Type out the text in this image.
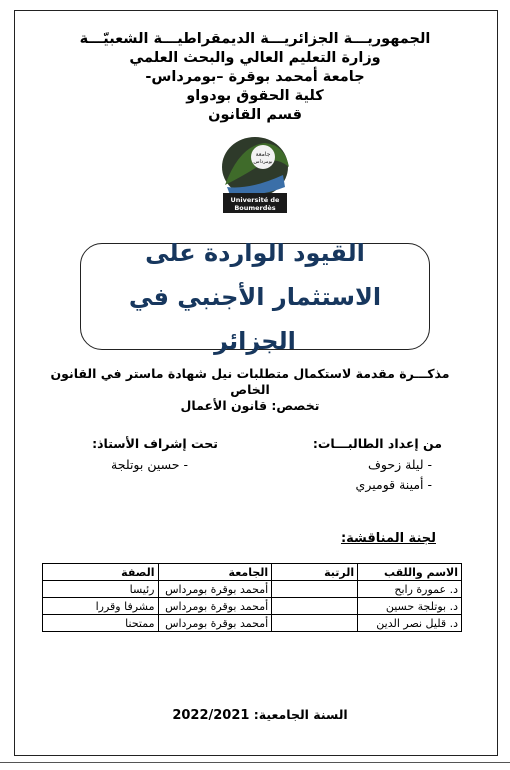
الجمهوريـــة الجزائريـــة الديمقراطيـــة الشعبيّـــة
وزارة التعليم العالي والبحث العلمي
جامعة أمحمد بوقرة –بومرداس-
كلية الحقوق بودواو
قسم القانون
جامعة
بومرداس
Université de
Boumerdès
القيود الواردة على الاستثمار الأجنبي في الجزائر
مذكـــرة مقدمة لاستكمال متطلبات نيل شهادة ماستر في القانون الخاص
تخصص: قانون الأعمال
من إعداد الطالبـــات:
- ليلة زحوف
- أمينة قوميري
تحت إشراف الأستاذ:
- حسين بوتلجة
لجنة المناقشة:
الاسم واللقب	الرتبة	الجامعة	الصفة
د. عمورة رابح		أمحمد بوقرة بومرداس	رئيسا
د. بوتلجة حسين		أمحمد بوقرة بومرداس	مشرفا وقررا
د. قليل نصر الدين		أمحمد بوقرة بومرداس	ممتحنا
السنة الجامعية: 2022/2021
